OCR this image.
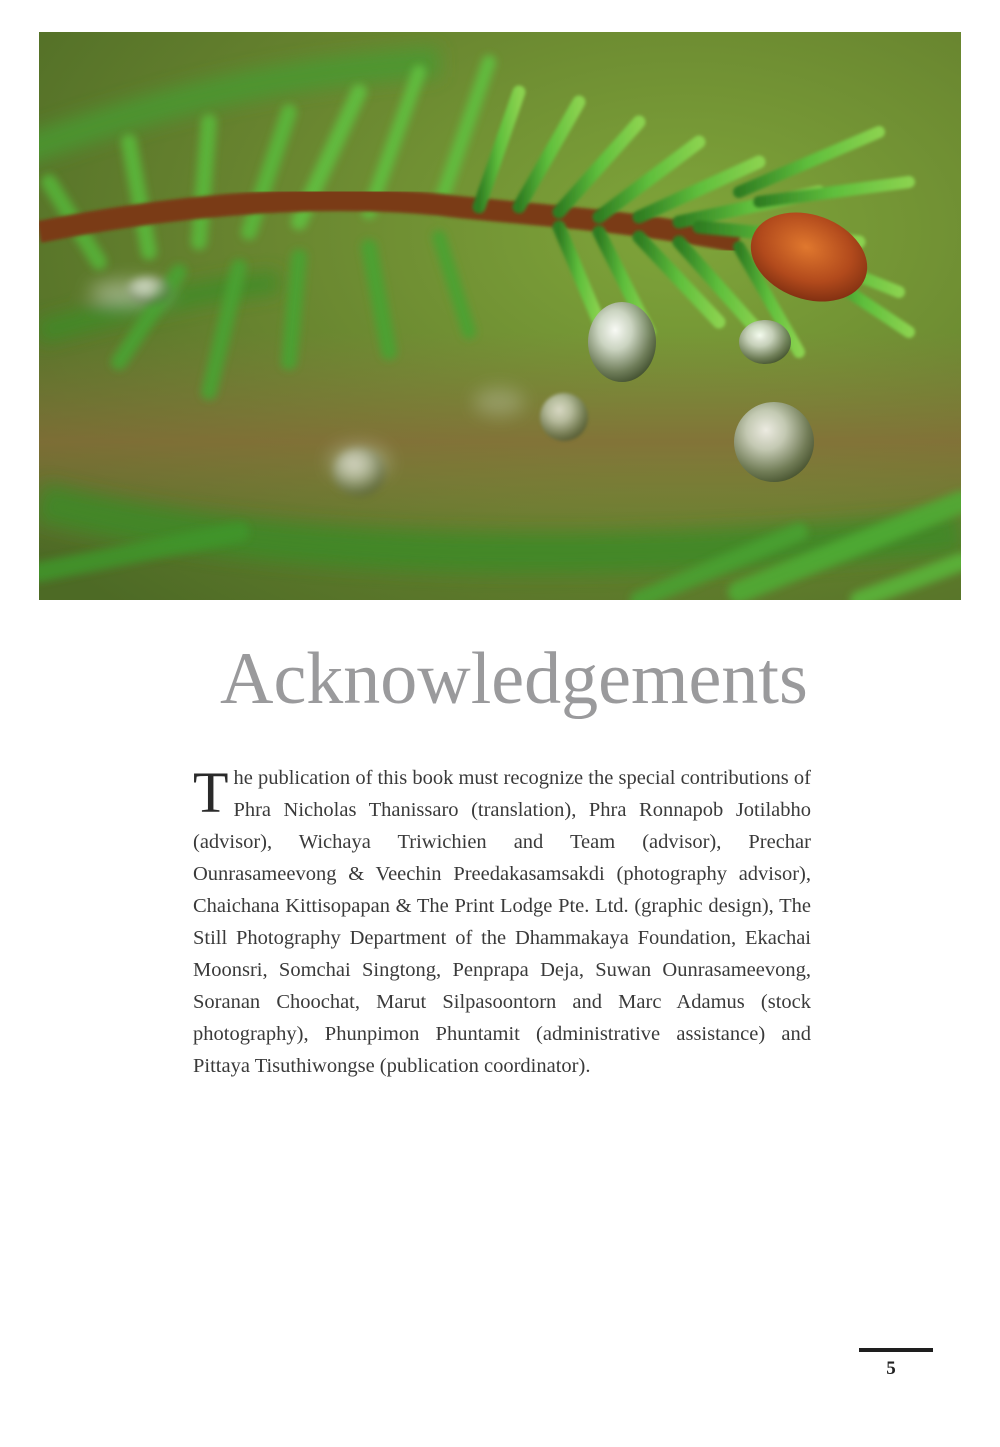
Acknowledgements

The publication of this book must recognize the special contributions of Phra Nicholas Thanissaro (translation), Phra Ronnapob Jotilabho (advisor), Wichaya Triwichien and Team (advisor), Prechar Ounrasameevong & Veechin Preedakasamsakdi (photography advisor), Chaichana Kittisopapan & The Print Lodge Pte. Ltd. (graphic design), The Still Photography Department of the Dhammakaya Foundation, Ekachai Moonsri, Somchai Singtong, Penprapa Deja, Suwan Ounrasameevong, Soranan Choochat, Marut Silpasoontorn and Marc Adamus (stock photography), Phunpimon Phuntamit (administrative assistance) and Pittaya Tisuthiwongse (publication coordinator).

5
